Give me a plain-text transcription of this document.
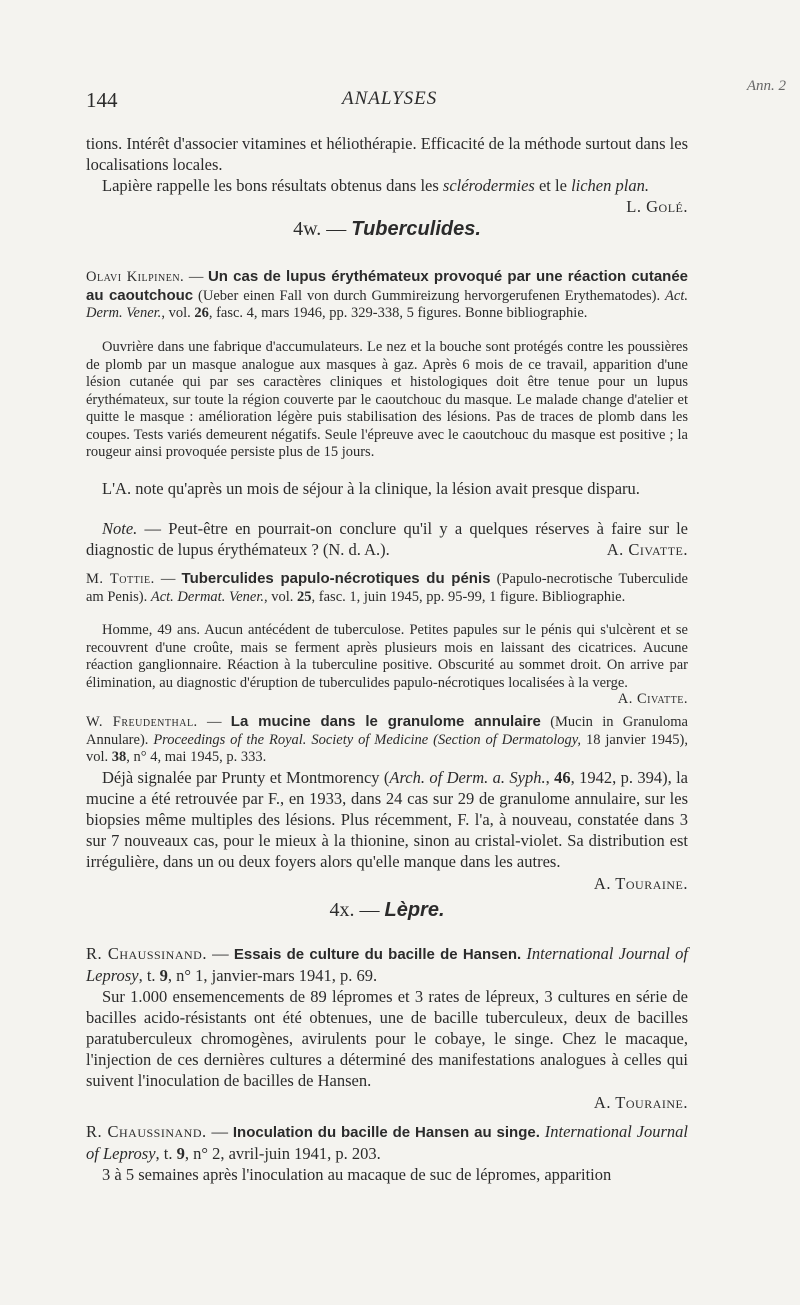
144	ANALYSES
Ann. 2
tions. Intérêt d'associer vitamines et héliothérapie. Efficacité de la méthode surtout dans les localisations locales.
Lapière rappelle les bons résultats obtenus dans les sclérodermies et le lichen plan.
L. Golé.
4w. — Tuberculides.
Olavi Kilpinen. — Un cas de lupus érythémateux provoqué par une réaction cutanée au caoutchouc (Ueber einen Fall von durch Gummireizung hervorgerufenen Erythematodes). Act. Derm. Vener., vol. 26, fasc. 4, mars 1946, pp. 329-338, 5 figures. Bonne bibliographie.
Ouvrière dans une fabrique d'accumulateurs. Le nez et la bouche sont protégés contre les poussières de plomb par un masque analogue aux masques à gaz. Après 6 mois de ce travail, apparition d'une lésion cutanée qui par ses caractères cliniques et histologiques doit être tenue pour un lupus érythémateux, sur toute la région couverte par le caoutchouc du masque. Le malade change d'atelier et quitte le masque : amélioration légère puis stabilisation des lésions. Pas de traces de plomb dans les coupes. Tests variés demeurent négatifs. Seule l'épreuve avec le caoutchouc du masque est positive ; la rougeur ainsi provoquée persiste plus de 15 jours.
L'A. note qu'après un mois de séjour à la clinique, la lésion avait presque disparu.
Note. — Peut-être en pourrait-on conclure qu'il y a quelques réserves à faire sur le diagnostic de lupus érythémateux ? (N. d. A.).	A. Civatte.
M. Tottie. — Tuberculides papulo-nécrotiques du pénis (Papulo-necrotische Tuberculide am Penis). Act. Dermat. Vener., vol. 25, fasc. 1, juin 1945, pp. 95-99, 1 figure. Bibliographie.
Homme, 49 ans. Aucun antécédent de tuberculose. Petites papules sur le pénis qui s'ulcèrent et se recouvrent d'une croûte, mais se ferment après plusieurs mois en laissant des cicatrices. Aucune réaction ganglionnaire. Réaction à la tuberculine positive. Obscurité au sommet droit. On arrive par élimination, au diagnostic d'éruption de tuberculides papulo-nécrotiques localisées à la verge.
A. Civatte.
W. Freudenthal. — La mucine dans le granulome annulaire (Mucin in Granuloma Annulare). Proceedings of the Royal. Society of Medicine (Section of Dermatology, 18 janvier 1945), vol. 38, n° 4, mai 1945, p. 333.
Déjà signalée par Prunty et Montmorency (Arch. of Derm. a. Syph., 46, 1942, p. 394), la mucine a été retrouvée par F., en 1933, dans 24 cas sur 29 de granulome annulaire, sur les biopsies même multiples des lésions. Plus récemment, F. l'a, à nouveau, constatée dans 3 sur 7 nouveaux cas, pour le mieux à la thionine, sinon au cristal-violet. Sa distribution est irrégulière, dans un ou deux foyers alors qu'elle manque dans les autres.
A. Touraine.
4x. — Lèpre.
R. Chaussinand. — Essais de culture du bacille de Hansen. International Journal of Leprosy, t. 9, n° 1, janvier-mars 1941, p. 69.
Sur 1.000 ensemencements de 89 lépromes et 3 rates de lépreux, 3 cultures en série de bacilles acido-résistants ont été obtenues, une de bacille tuberculeux, deux de bacilles paratuberculeux chromogènes, avirulents pour le cobaye, le singe. Chez le macaque, l'injection de ces dernières cultures a déterminé des manifestations analogues à celles qui suivent l'inoculation de bacilles de Hansen.
A. Touraine.
R. Chaussinand. — Inoculation du bacille de Hansen au singe. International Journal of Leprosy, t. 9, n° 2, avril-juin 1941, p. 203.
3 à 5 semaines après l'inoculation au macaque de suc de lépromes, apparition
